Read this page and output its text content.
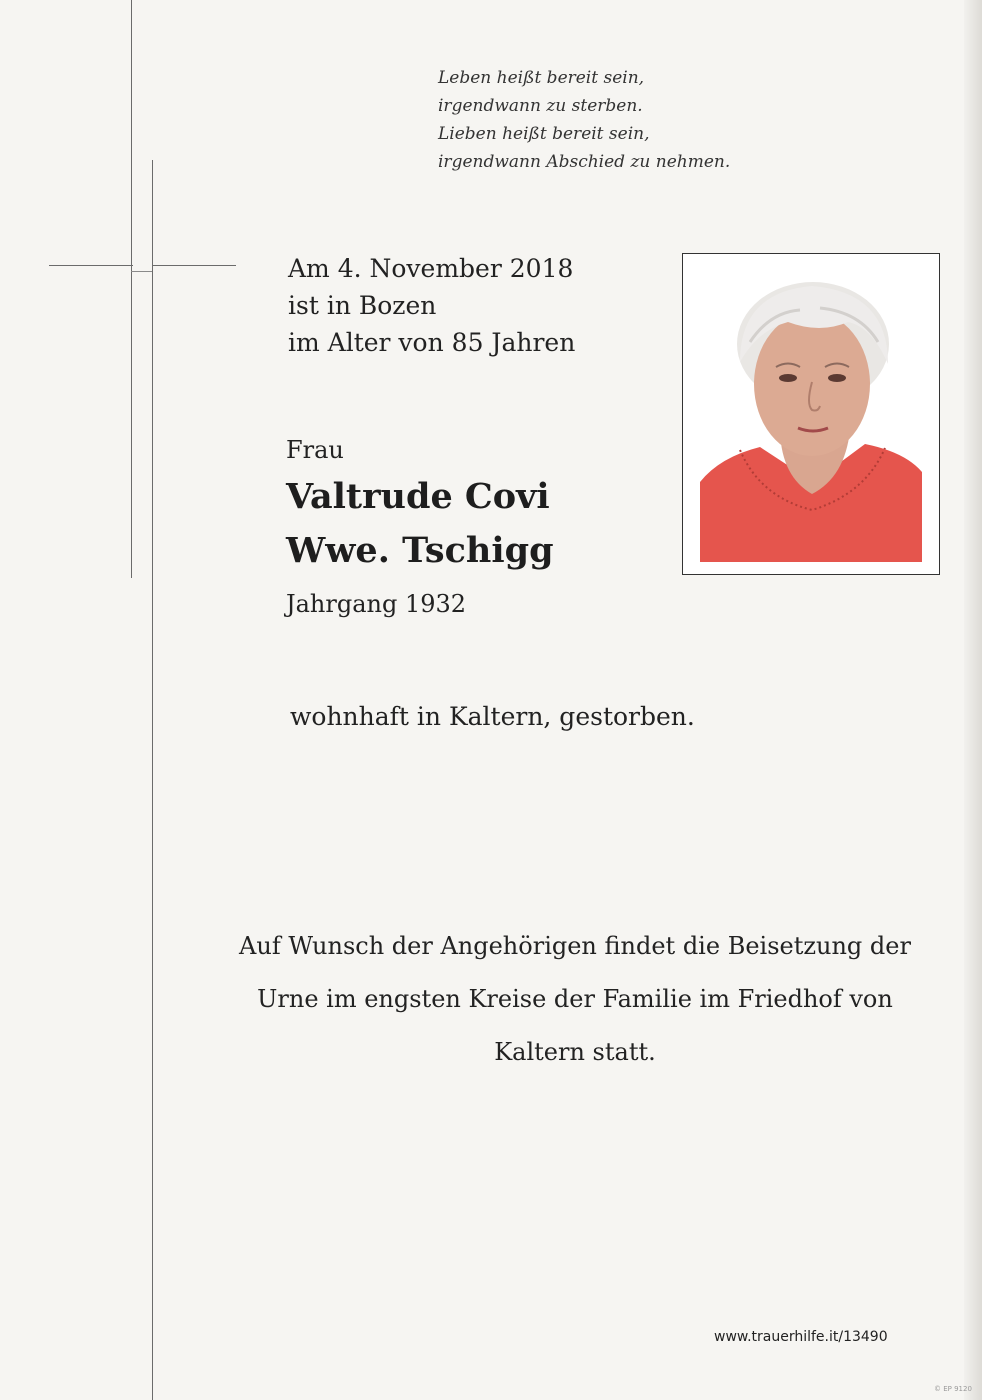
Leben heißt bereit sein,
irgendwann zu sterben.
Lieben heißt bereit sein,
irgendwann Abschied zu nehmen.
Am 4. November 2018
ist in Bozen
im Alter von 85 Jahren
Frau
Valtrude Covi
Wwe. Tschigg
Jahrgang 1932
wohnhaft in Kaltern, gestorben.
Auf Wunsch der Angehörigen findet die Beisetzung der
Urne im engsten Kreise der Familie im Friedhof von
Kaltern statt.
www.trauerhilfe.it/13490
© EP 9120
